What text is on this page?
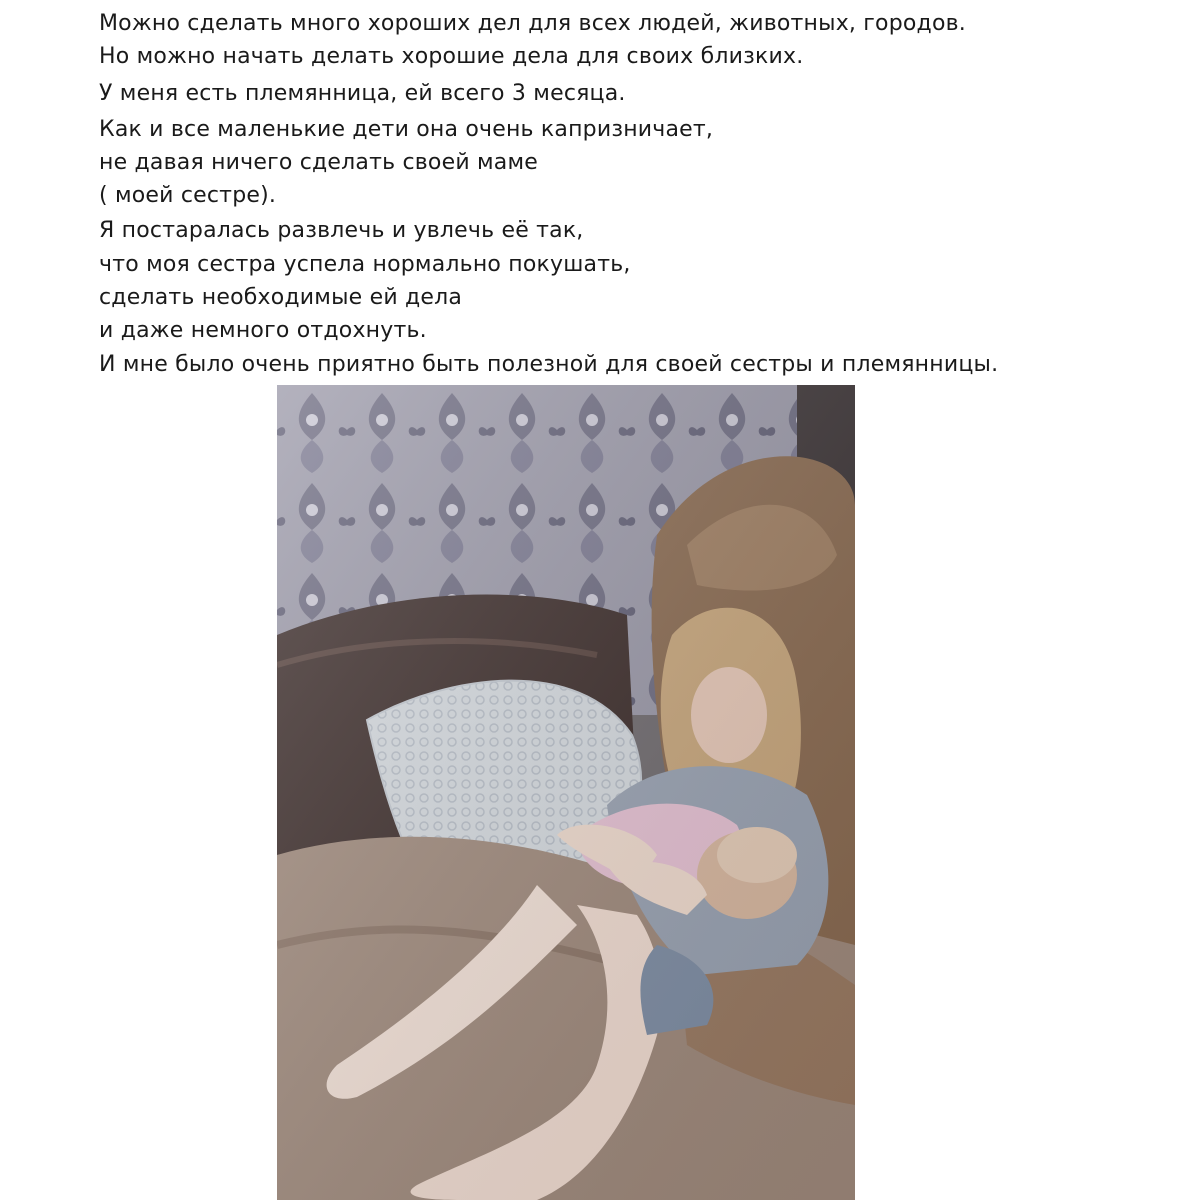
Можно сделать много хороших дел для всех людей, животных, городов.
Но можно начать делать хорошие дела для своих близких.
У меня есть племянница, ей всего 3 месяца.
Как и все маленькие дети она очень капризничает,
не давая ничего сделать своей маме
( моей сестре).
Я постаралась развлечь и увлечь её так,
что моя сестра успела нормально покушать,
сделать необходимые ей дела
и даже немного отдохнуть.
И мне было очень приятно быть полезной для своей сестры и племянницы.
